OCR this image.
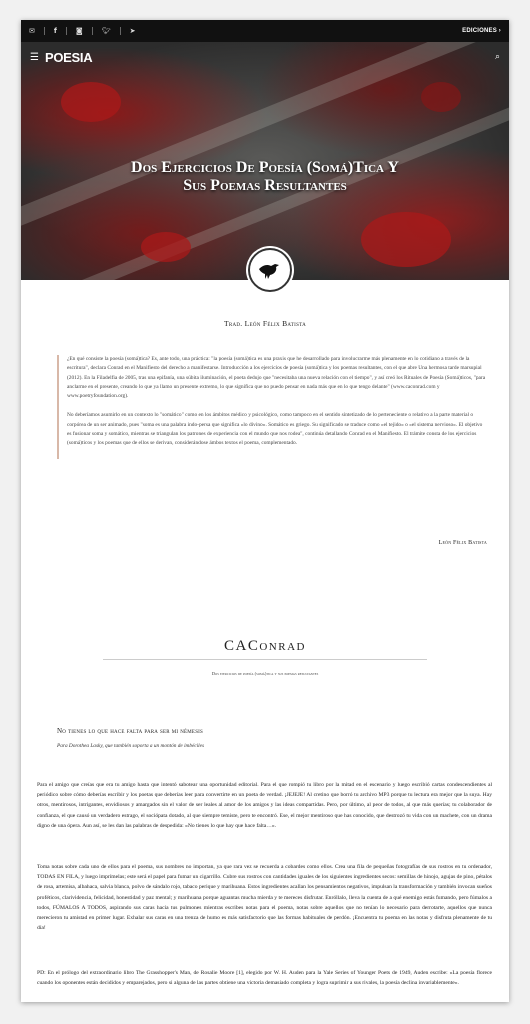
✉	f	◙	🐦︎	➤	EDICIONES ›
☰ POESIA	⌕
Dos Ejercicios De Poesía (Somá)Tica Y
Sus Poemas Resultantes
Trad. León Félix Batista

¿En qué consiste la poesía (somá)tica? Es, ante todo, una práctica: "la poesía (somá)tica es una praxis que he desarrollado para involucrarme más plenamente en lo cotidiano a través de la escritura", declara Conrad en el Manifiesto del derecho a manifestarse. Introducción a los ejercicios de poesía (somá)tica y los poemas resultantes, con el que abre Una hermosa tarde marsupial (2012). En la Filadelfia de 2005, tras una epifanía, una súbita iluminación, el poeta dedujo que "necesitaba una nueva relación con el tiempo", y así creó los Rituales de Poesía (Somá)ticos, "para anclarme en el presente, creando lo que ya llamo un presente extremo, lo que significa que no puedo pensar en nada más que en lo que tengo delante" (www.caconrad.com y www.poetryfoundation.org).

No deberíamos asumirlo en un contexto lo "somático" como en los ámbitos médico y psicológico, como tampoco en el sentido sintetizado de lo perteneciente o relativo a la parte material o corpórea de un ser animado, pues "soma es una palabra indo-persa que significa «lo divino». Somático es griego. Su significado se traduce como «el tejido» o «el sistema nervioso». El objetivo es fusionar soma y somático, mientras se triangulan los patrones de experiencia con el mundo que nos rodea", continúa detallando Conrad en el Manifiesto. El trámite consta de los ejercicios (somá)ticos y los poemas que de ellos se derivan, considerándose ámbos textos el poema, complementado.

León Félix Batista
CAConrad
Dos ejercicios de poesía (somá)tica y sus poemas resultantes
No tienes lo que hace falta para ser mi némesis
Para Dorothea Lasky, que también soporta a un montón de imbéciles
Para el amigo que creías que era tu amigo hasta que intentó sabotear una oportunidad editorial. Para el que rompió tu libro por la mitad en el escenario y luego escribió cartas condescendientes al periódico sobre cómo deberías escribir y los poetas que deberías leer para convertirte en un poeta de verdad. ¡JEJEJE! Al cretino que borró tu archivo MP3 porque tu lectura era mejor que la suya. Hay otros, mentirosos, intrigantes, envidiosos y amargados sin el valor de ser leales al amor de los amigos y las ideas compartidas. Pero, por último, al peor de todos, al que más querías; tu colaborador de confianza, el que causó un verdadero estrago, el sociópata dotado, al que siempre temiste, pero te encontró. Ese, el mejor mentiroso que has conocido, que destrozó tu vida con un machete, con un drama digno de una ópera. Aun así, se les dan las palabras de despedida: «No tienes lo que hay que hace falta…».
Toma notas sobre cada uno de ellos para el poema, sus nombres no importan, ya que rara vez se recuerda a cobardes como ellos. Crea una fila de pequeñas fotografías de sus rostros en tu ordenador, TODAS EN FILA, y luego imprímelas; este será el papel para fumar un cigarrillo. Cubre sus rostros con cantidades iguales de los siguientes ingredientes secos: semillas de hinojo, agujas de pino, pétalos de rosa, artemisa, albahaca, salvia blanca, polvo de sándalo rojo, tabaco perique y marihuana. Estos ingredientes acallan los pensamientos negativos, impulsan la transformación y también invocan sueños proféticos, clarividencia, felicidad, honestidad y paz mental; y marihuana porque aguantas mucha mierda y te mereces disfrutar. Enróllalo, lleva la cuenta de a qué enemigo estás fumando, pero fúmalos a todos, FÚMALOS A TODOS, aspirando sus caras hacia tus pulmones mientras escribes notas para el poema, notas sobre aquellos que no tenían lo necesario para derrotarte, aquellos que nunca merecieron tu amistad en primer lugar. Exhalar sus caras en una trenza de humo es más satisfactorio que las formas habituales de perdón. ¡Encuentra tu poema en las notas y disfruta plenamente de tu día!
PD: En el prólogo del extraordinario libro The Grasshopper's Man, de Rosalie Moore [1], elegido por W. H. Auden para la Yale Series of Younger Poets de 1949, Auden escribe: «La poesía florece cuando los oponentes están decididos y emparejados, pero si alguna de las partes obtiene una victoria demasiado completa y logra suprimir a sus rivales, la poesía declina invariablemente».
